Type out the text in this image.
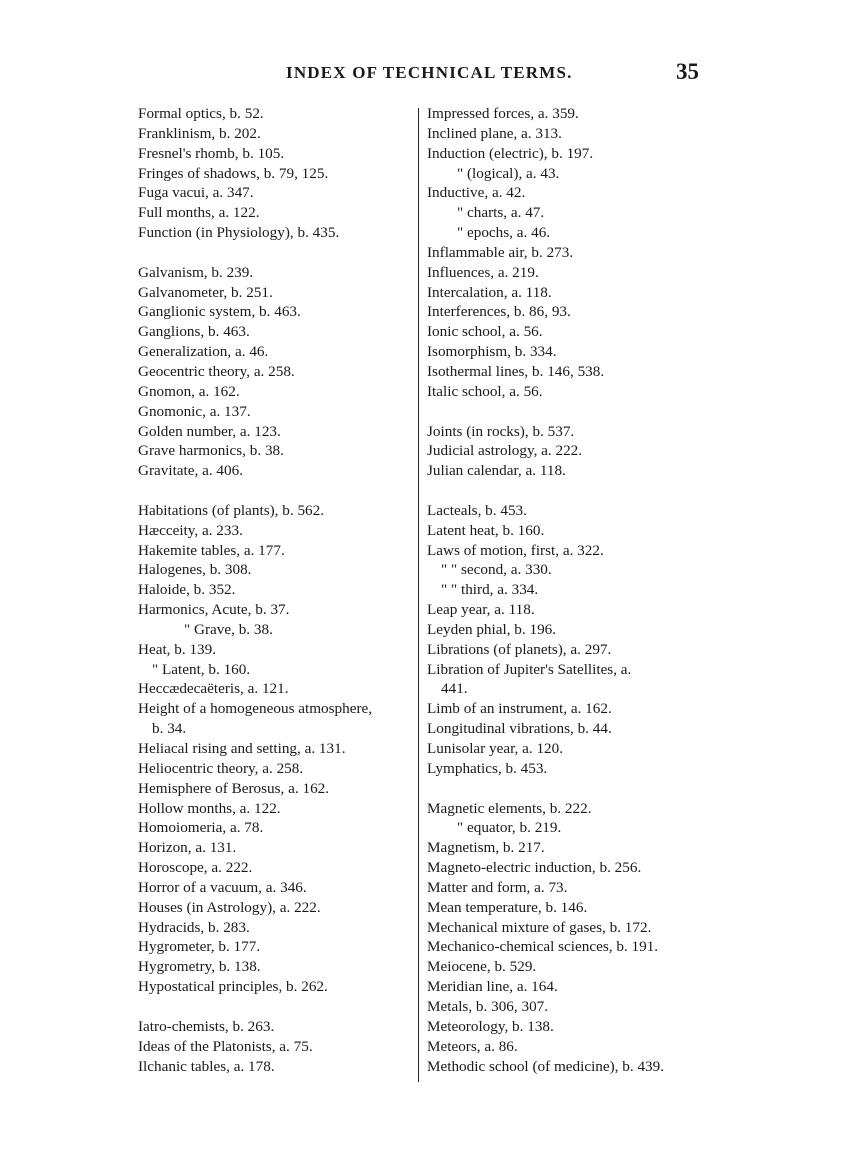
INDEX OF TECHNICAL TERMS.	35
Formal optics, b. 52.
Franklinism, b. 202.
Fresnel's rhomb, b. 105.
Fringes of shadows, b. 79, 125.
Fuga vacui, a. 347.
Full months, a. 122.
Function (in Physiology), b. 435.
Galvanism, b. 239.
Galvanometer, b. 251.
Ganglionic system, b. 463.
Ganglions, b. 463.
Generalization, a. 46.
Geocentric theory, a. 258.
Gnomon, a. 162.
Gnomonic, a. 137.
Golden number, a. 123.
Grave harmonics, b. 38.
Gravitate, a. 406.
Habitations (of plants), b. 562.
Hæcceity, a. 233.
Hakemite tables, a. 177.
Halogenes, b. 308.
Haloide, b. 352.
Harmonics, Acute, b. 37.
" Grave, b. 38.
Heat, b. 139.
" Latent, b. 160.
Heccædecaëteris, a. 121.
Height of a homogeneous atmosphere,
b. 34.
Heliacal rising and setting, a. 131.
Heliocentric theory, a. 258.
Hemisphere of Berosus, a. 162.
Hollow months, a. 122.
Homoiomeria, a. 78.
Horizon, a. 131.
Horoscope, a. 222.
Horror of a vacuum, a. 346.
Houses (in Astrology), a. 222.
Hydracids, b. 283.
Hygrometer, b. 177.
Hygrometry, b. 138.
Hypostatical principles, b. 262.
Iatro-chemists, b. 263.
Ideas of the Platonists, a. 75.
Ilchanic tables, a. 178.
Impressed forces, a. 359.
Inclined plane, a. 313.
Induction (electric), b. 197.
" (logical), a. 43.
Inductive, a. 42.
" charts, a. 47.
" epochs, a. 46.
Inflammable air, b. 273.
Influences, a. 219.
Intercalation, a. 118.
Interferences, b. 86, 93.
Ionic school, a. 56.
Isomorphism, b. 334.
Isothermal lines, b. 146, 538.
Italic school, a. 56.
Joints (in rocks), b. 537.
Judicial astrology, a. 222.
Julian calendar, a. 118.
Lacteals, b. 453.
Latent heat, b. 160.
Laws of motion, first, a. 322.
" " second, a. 330.
" " third, a. 334.
Leap year, a. 118.
Leyden phial, b. 196.
Librations (of planets), a. 297.
Libration of Jupiter's Satellites, a.
441.
Limb of an instrument, a. 162.
Longitudinal vibrations, b. 44.
Lunisolar year, a. 120.
Lymphatics, b. 453.
Magnetic elements, b. 222.
" equator, b. 219.
Magnetism, b. 217.
Magneto-electric induction, b. 256.
Matter and form, a. 73.
Mean temperature, b. 146.
Mechanical mixture of gases, b. 172.
Mechanico-chemical sciences, b. 191.
Meiocene, b. 529.
Meridian line, a. 164.
Metals, b. 306, 307.
Meteorology, b. 138.
Meteors, a. 86.
Methodic school (of medicine), b. 439.
